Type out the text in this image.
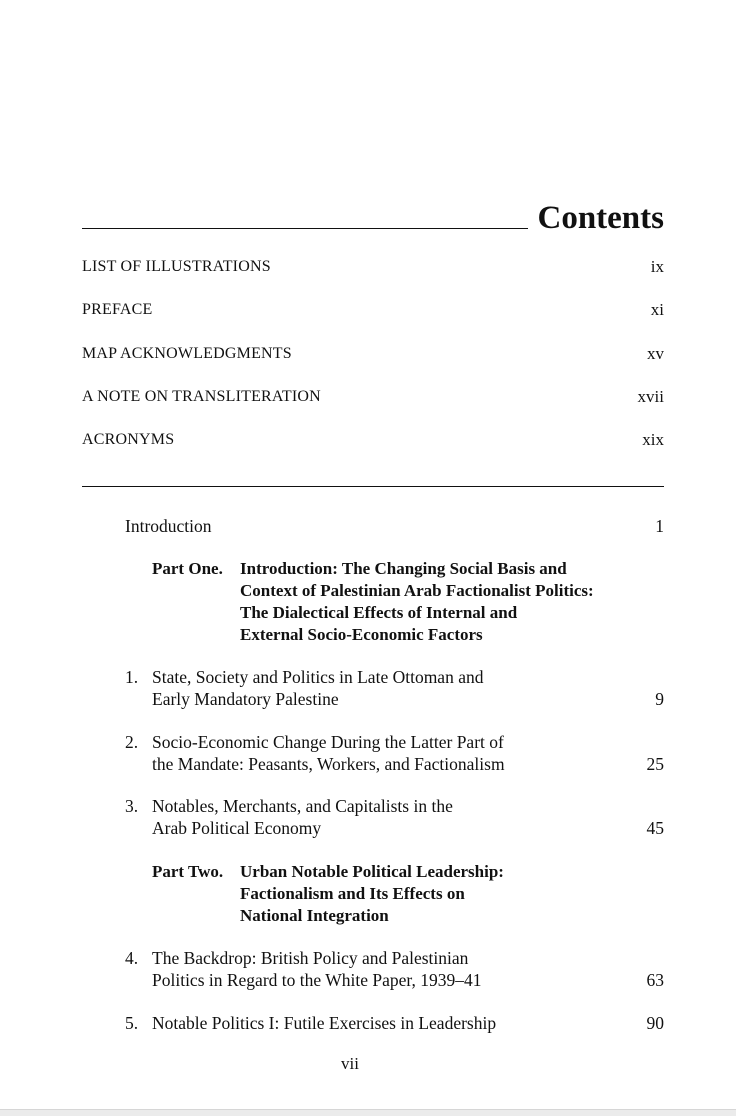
Contents
LIST OF ILLUSTRATIONS	ix
PREFACE	xi
MAP ACKNOWLEDGMENTS	xv
A NOTE ON TRANSLITERATION	xvii
ACRONYMS	xix
Introduction	1
Part One. Introduction: The Changing Social Basis and
Context of Palestinian Arab Factionalist Politics:
The Dialectical Effects of Internal and
External Socio-Economic Factors
1. State, Society and Politics in Late Ottoman and
Early Mandatory Palestine	9
2. Socio-Economic Change During the Latter Part of
the Mandate: Peasants, Workers, and Factionalism	25
3. Notables, Merchants, and Capitalists in the
Arab Political Economy	45
Part Two. Urban Notable Political Leadership:
Factionalism and Its Effects on
National Integration
4. The Backdrop: British Policy and Palestinian
Politics in Regard to the White Paper, 1939–41	63
5. Notable Politics I: Futile Exercises in Leadership	90
vii
